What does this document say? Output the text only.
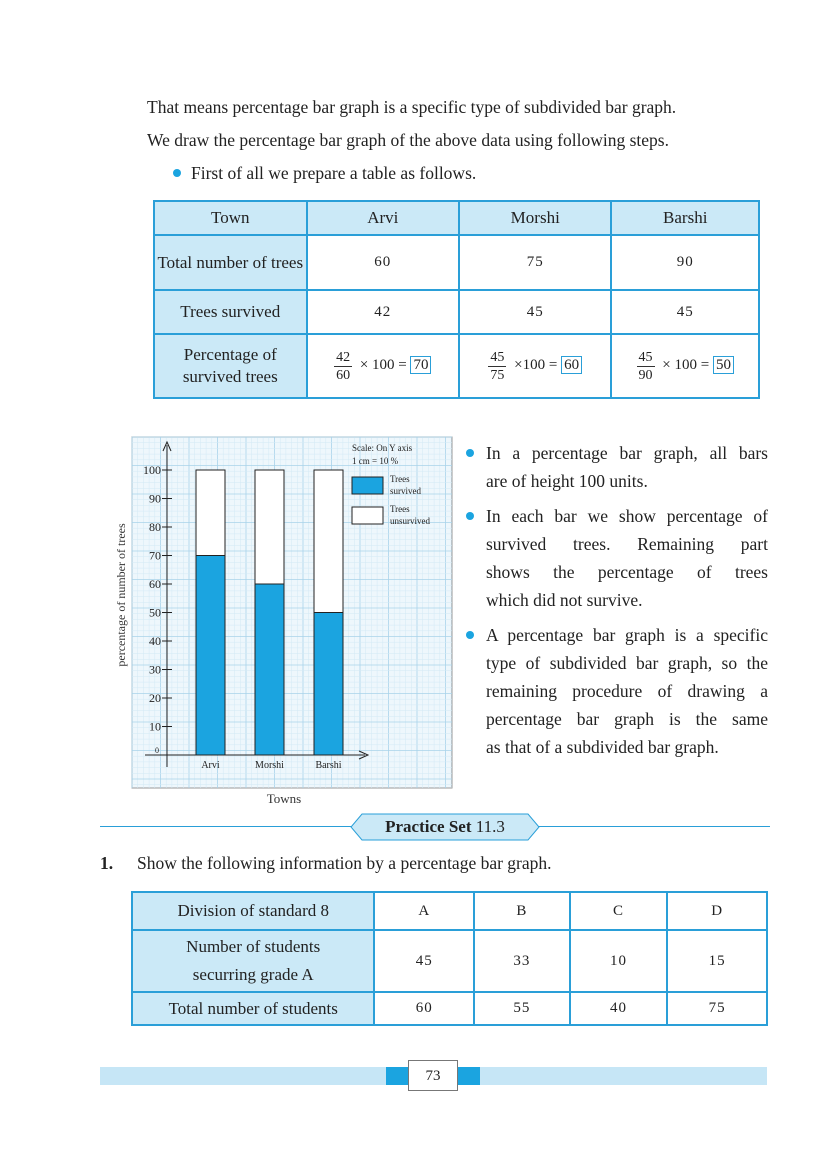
That means percentage bar graph is a specific type of subdivided bar graph.
We draw the percentage bar graph of the above data using following steps.
First of all we prepare a table as follows.
Town	Arvi	Morshi	Barshi
Total number of trees	60	75	90
Trees survived	42	45	45
Percentage of survived trees	$\frac{42}{60} \times 100 = 70$	$\frac{45}{75} \times 100 = 60$	$\frac{45}{90} \times 100 = 50$
0
10
20
30
40
50
60
70
80
90
100
Arvi	Morshi	Barshi
Scale: On Y axis
1 cm = 10 %
Trees
survived
Trees
unsurvived
percentage of number of trees
Towns
In a percentage bar graph, all bars
are of height 100 units.
In each bar we show percentage of
survived trees. Remaining part
shows the percentage of trees
which did not survive.
A percentage bar graph is a specific
type of subdivided bar graph, so the
remaining procedure of drawing a
percentage bar graph is the same
as that of a subdivided bar graph.
Practice Set 11.3
1. Show the following information by a percentage bar graph.
Division of standard 8	A	B	C	D
Number of students securring grade A	45	33	10	15
Total number of students	60	55	40	75
73
